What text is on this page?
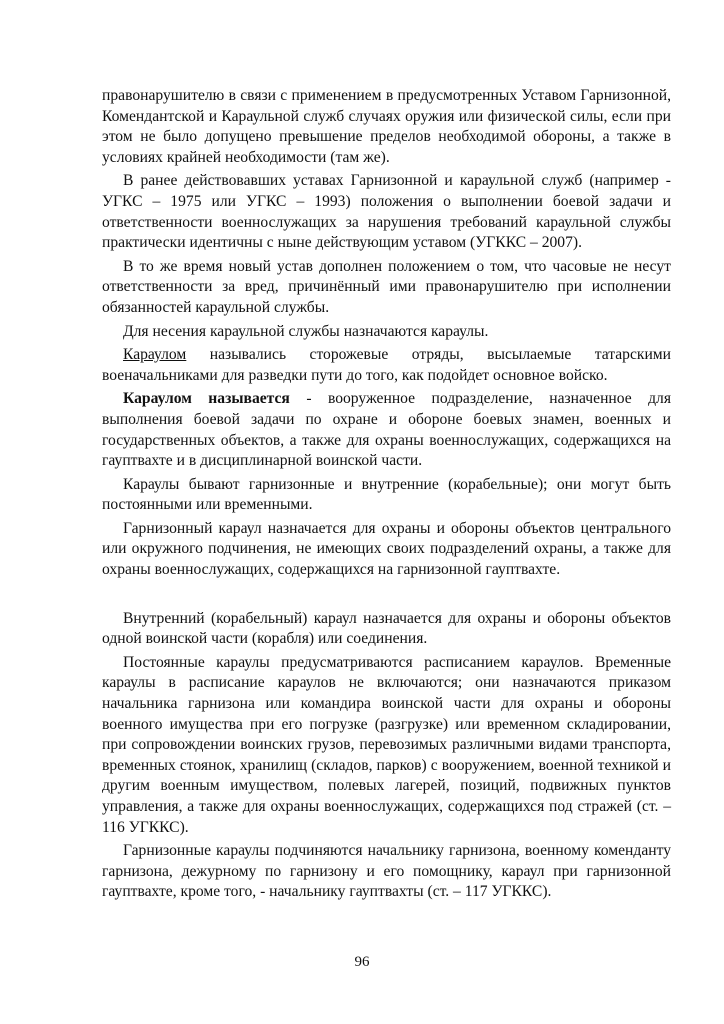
правонарушителю в связи с применением в предусмотренных Уставом Гарнизонной, Комендантской и Караульной служб случаях оружия или физической силы, если при этом не было допущено превышение пределов необходимой обороны, а также в условиях крайней необходимости (там же).

В ранее действовавших уставах Гарнизонной и караульной служб (например - УГКС – 1975 или УГКС – 1993) положения о выполнении боевой задачи и ответственности военнослужащих за нарушения требований караульной службы практически идентичны с ныне действующим уставом (УГККС – 2007).

В то же время новый устав дополнен положением о том, что часовые не несут ответственности за вред, причинённый ими правонарушителю при исполнении обязанностей караульной службы.

Для несения караульной службы назначаются караулы.

Караулом назывались сторожевые отряды, высылаемые татарскими военачальниками для разведки пути до того, как подойдет основное войско.

Караулом называется - вооруженное подразделение, назначенное для выполнения боевой задачи по охране и обороне боевых знамен, военных и государственных объектов, а также для охраны военнослужащих, содержащихся на гауптвахте и в дисциплинарной воинской части.

Караулы бывают гарнизонные и внутренние (корабельные); они могут быть постоянными или временными.

Гарнизонный караул назначается для охраны и обороны объектов центрального или окружного подчинения, не имеющих своих подразделений охраны, а также для охраны военнослужащих, содержащихся на гарнизонной гауптвахте.

Внутренний (корабельный) караул назначается для охраны и обороны объектов одной воинской части (корабля) или соединения.

Постоянные караулы предусматриваются расписанием караулов. Временные караулы в расписание караулов не включаются; они назначаются приказом начальника гарнизона или командира воинской части для охраны и обороны военного имущества при его погрузке (разгрузке) или временном складировании, при сопровождении воинских грузов, перевозимых различными видами транспорта, временных стоянок, хранилищ (складов, парков) с вооружением, военной техникой и другим военным имуществом, полевых лагерей, позиций, подвижных пунктов управления, а также для охраны военнослужащих, содержащихся под стражей (ст. – 116 УГККС).

Гарнизонные караулы подчиняются начальнику гарнизона, военному коменданту гарнизона, дежурному по гарнизону и его помощнику, караул при гарнизонной гауптвахте, кроме того, - начальнику гауптвахты (ст. – 117 УГККС).

96
